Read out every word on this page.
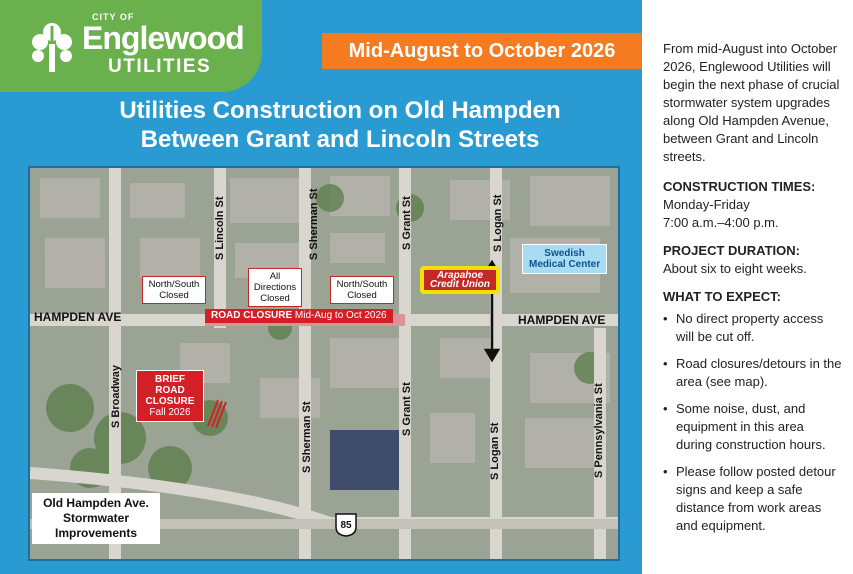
CITY OF
Englewood
UTILITIES
Mid-August to October 2026
Utilities Construction on Old Hampden
Between Grant and Lincoln Streets
S Lincoln St	S Sherman St	S Grant St	S Logan St
S Broadway
S Sherman St	S Grant St
S Logan St	S Pennsylvania St
HAMPDEN AVE	HAMPDEN AVE
North/South
Closed
All
Directions
Closed
North/South
Closed
ROAD CLOSURE Mid-Aug to Oct 2026
BRIEF ROAD
CLOSURE
Fall 2026
Arapahoe
Credit Union
Swedish
Medical Center
85
Old Hampden Ave.
Stormwater
Improvements

From mid-August into October 2026, Englewood Utilities will begin the next phase of crucial stormwater system upgrades along Old Hampden Avenue, between Grant and Lincoln streets.

CONSTRUCTION TIMES:
Monday-Friday
7:00 a.m.–4:00 p.m.
PROJECT DURATION:
About six to eight weeks.
WHAT TO EXPECT:
• No direct property access will be cut off.
• Road closures/detours in the area (see map).
• Some noise, dust, and equipment in this area during construction hours.
• Please follow posted detour signs and keep a safe distance from work areas and equipment.
